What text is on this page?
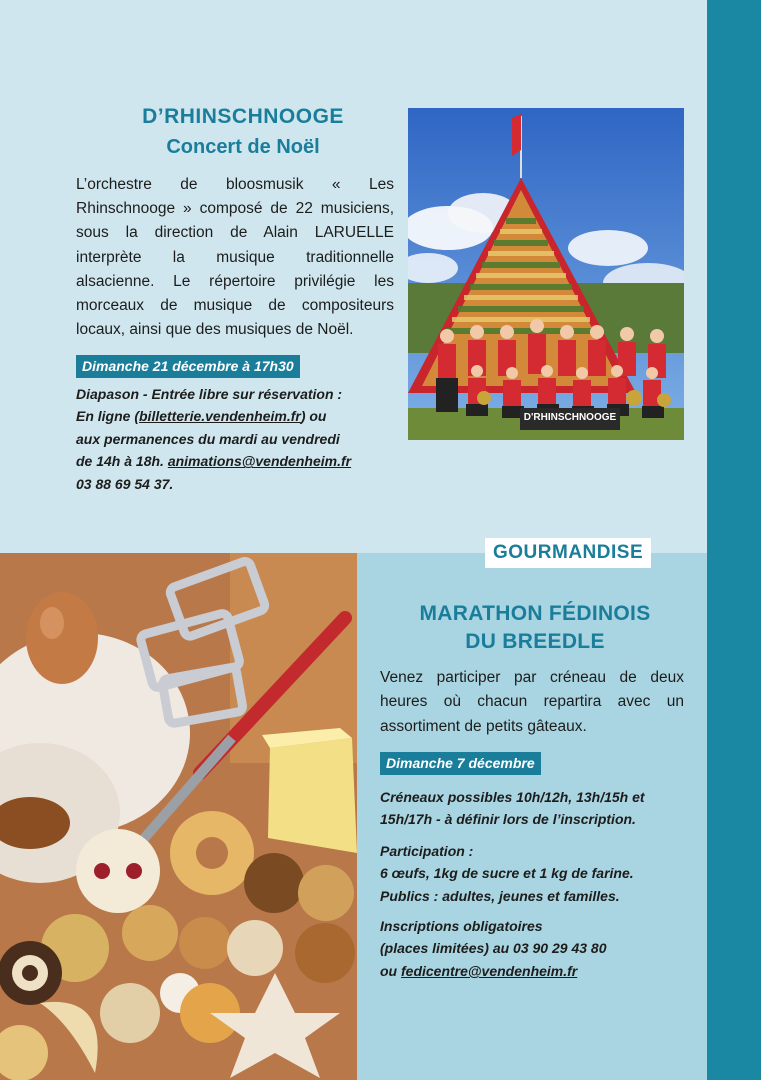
D’RHINSCHNOOGE
Concert de Noël
L’orchestre de bloosmusik « Les Rhinschnooge » composé de 22 musiciens, sous la direction de Alain LARUELLE interprète la musique traditionnelle alsacienne. Le répertoire privilégie les morceaux de musique de compositeurs locaux, ainsi que des musiques de Noël.
Dimanche 21 décembre à 17h30
Diapason - Entrée libre sur réservation :
En ligne (billetterie.vendenheim.fr) ou
aux permanences du mardi au vendredi
de 14h à 18h. animations@vendenheim.fr
03 88 69 54 37.
D'RHINSCHNOOGE
GOURMANDISE
MARATHON FÉDINOIS
DU BREEDLE
Venez participer par créneau de deux heures où chacun repartira avec un assortiment de petits gâteaux.
Dimanche 7 décembre
Créneaux possibles 10h/12h, 13h/15h et
15h/17h - à définir lors de l’inscription.
Participation :
6 œufs, 1kg de sucre et 1 kg de farine.
Publics : adultes, jeunes et familles.
Inscriptions obligatoires
(places limitées) au 03 90 29 43 80
ou fedicentre@vendenheim.fr
